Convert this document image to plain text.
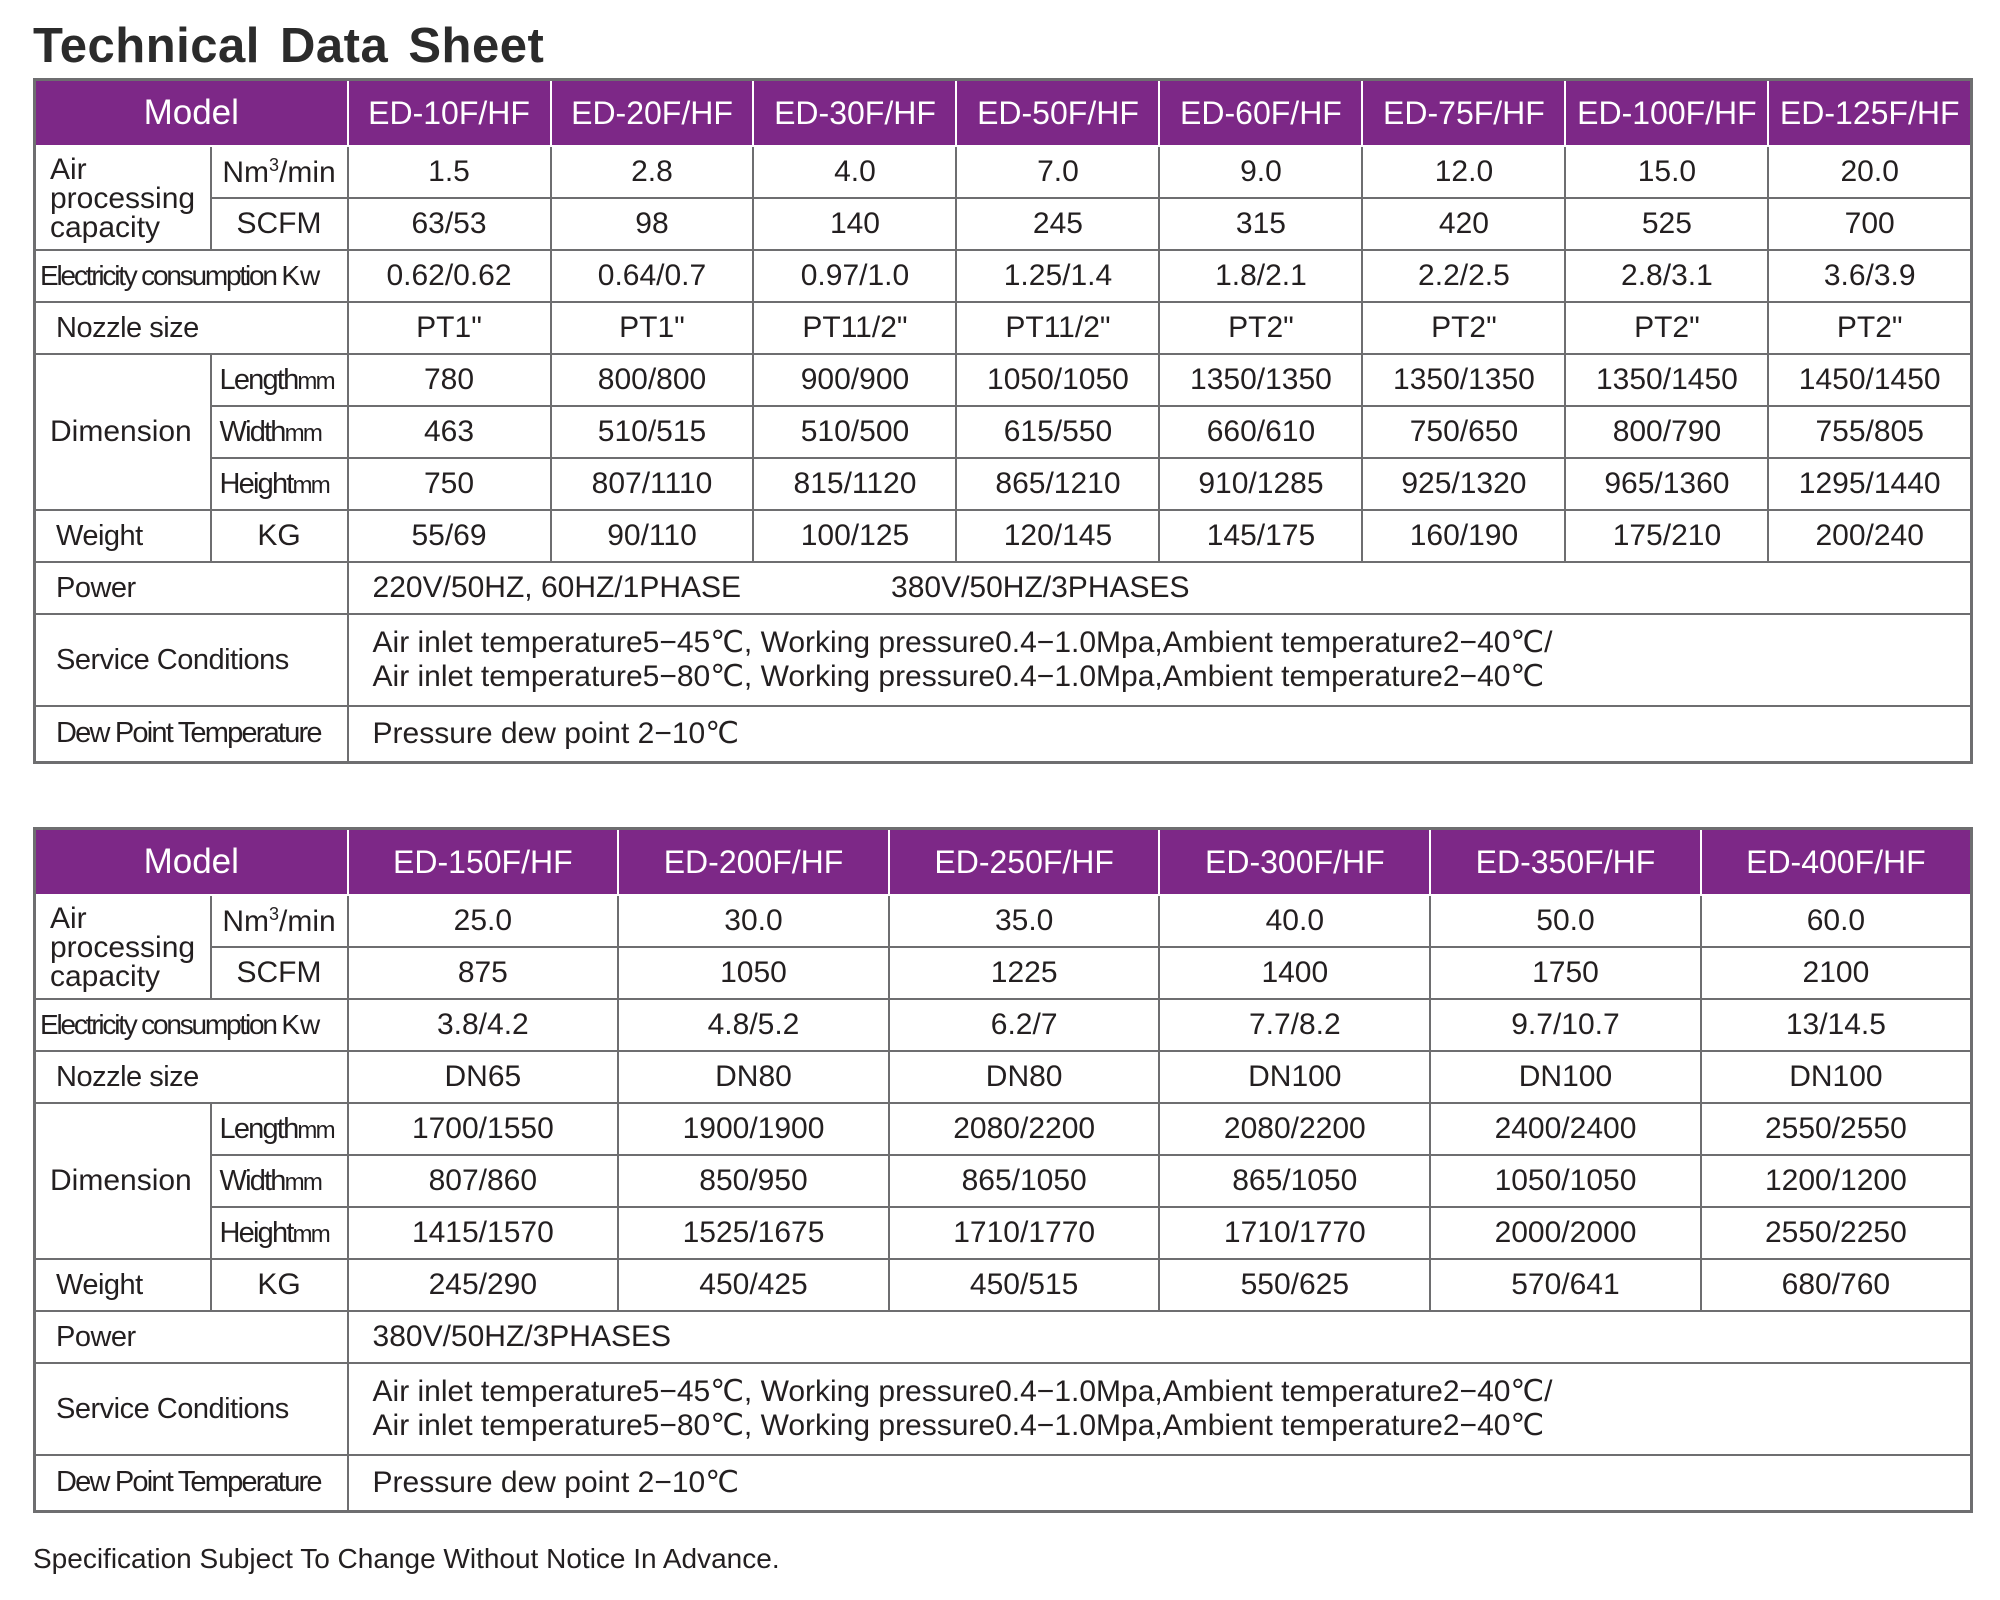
Technical Data Sheet
Model		ED-10F/HF	ED-20F/HF	ED-30F/HF	ED-50F/HF	ED-60F/HF	ED-75F/HF	ED-100F/HF	ED-125F/HF
Air processing capacity	Nm$^3$/min	1.5	2.8	4.0	7.0	9.0	12.0	15.0	20.0
	SCFM	63/53	98	140	245	315	420	525	700
Electricity consumption Kw		0.62/0.62	0.64/0.7	0.97/1.0	1.25/1.4	1.8/2.1	2.2/2.5	2.8/3.1	3.6/3.9
Nozzle size		PT1"	PT1"	PT11/2"	PT11/2"	PT2"	PT2"	PT2"	PT2"
Dimension	Lengthmm	780	800/800	900/900	1050/1050	1350/1350	1350/1350	1350/1450	1450/1450
	Widthmm	463	510/515	510/500	615/550	660/610	750/650	800/790	755/805
	Heightmm	750	807/1110	815/1120	865/1210	910/1285	925/1320	965/1360	1295/1440
Weight	KG	55/69	90/110	100/125	120/145	145/175	160/190	175/210	200/240
Power		220V/50HZ, 60HZ/1PHASE 380V/50HZ/3PHASES							
Service Conditions		Air inlet temperature5−45℃, Working pressure0.4−1.0Mpa,Ambient temperature2−40℃/
Air inlet temperature5−80℃, Working pressure0.4−1.0Mpa,Ambient temperature2−40℃							

Dew Point Temperature		Pressure dew point 2−10℃							
Model		ED-150F/HF	ED-200F/HF	ED-250F/HF	ED-300F/HF	ED-350F/HF	ED-400F/HF
Air processing capacity	Nm$^3$/min	25.0	30.0	35.0	40.0	50.0	60.0
	SCFM	875	1050	1225	1400	1750	2100
Electricity consumption Kw		3.8/4.2	4.8/5.2	6.2/7	7.7/8.2	9.7/10.7	13/14.5
Nozzle size		DN65	DN80	DN80	DN100	DN100	DN100
Dimension	Lengthmm	1700/1550	1900/1900	2080/2200	2080/2200	2400/2400	2550/2550
	Widthmm	807/860	850/950	865/1050	865/1050	1050/1050	1200/1200
	Heightmm	1415/1570	1525/1675	1710/1770	1710/1770	2000/2000	2550/2250
Weight	KG	245/290	450/425	450/515	550/625	570/641	680/760
Power		380V/50HZ/3PHASES					
Service Conditions		Air inlet temperature5−45℃, Working pressure0.4−1.0Mpa,Ambient temperature2−40℃/
Air inlet temperature5−80℃, Working pressure0.4−1.0Mpa,Ambient temperature2−40℃					

Dew Point Temperature		Pressure dew point 2−10℃					
Specification Subject To Change Without Notice In Advance.
